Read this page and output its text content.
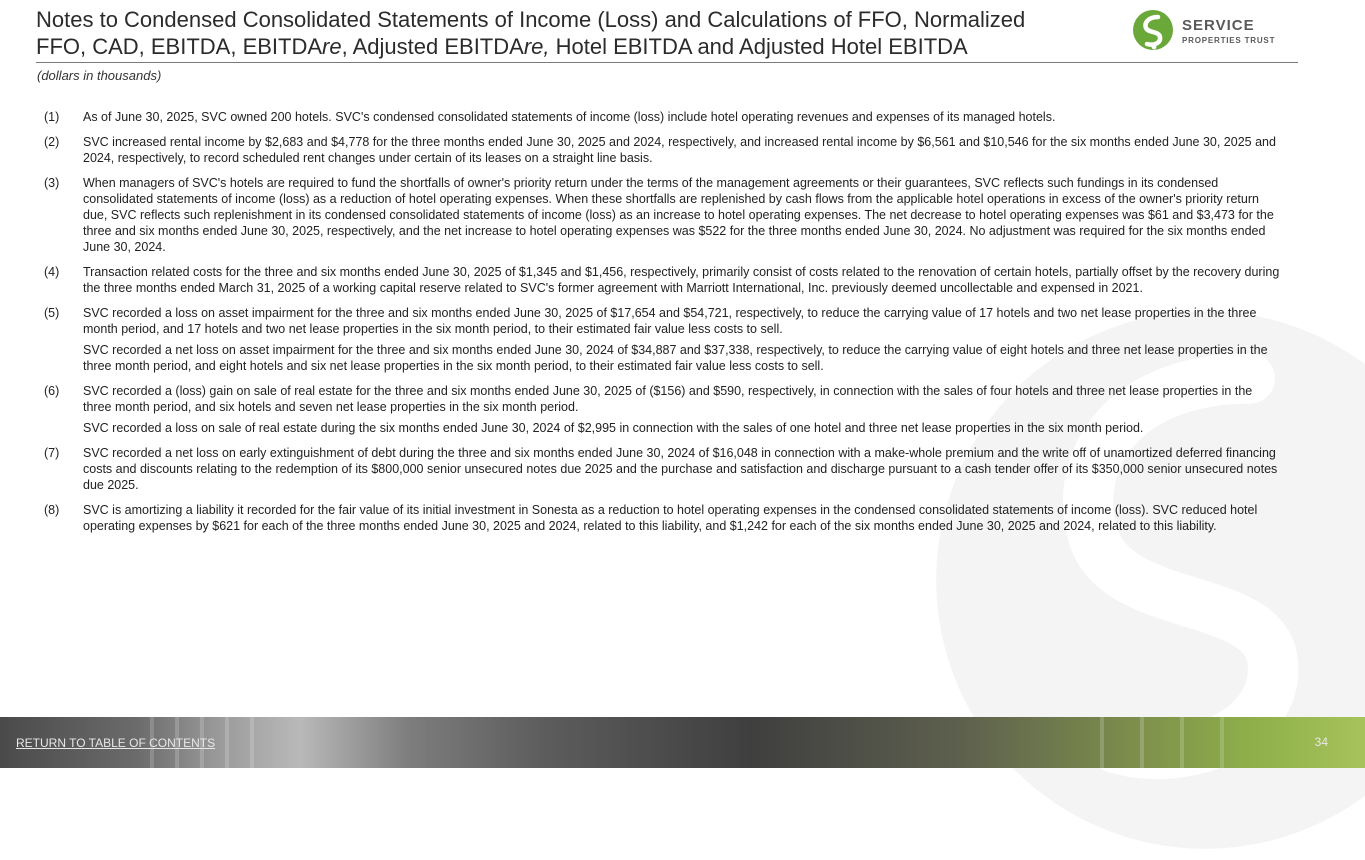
Notes to Condensed Consolidated Statements of Income (Loss) and Calculations of FFO, Normalized
FFO, CAD, EBITDA, EBITDAre, Adjusted EBITDAre, Hotel EBITDA and Adjusted Hotel EBITDA
SERVICE
PROPERTIES TRUST
(dollars in thousands)
(1)	As of June 30, 2025, SVC owned 200 hotels. SVC's condensed consolidated statements of income (loss) include hotel operating revenues and expenses of its managed hotels.

(2)	SVC increased rental income by $2,683 and $4,778 for the three months ended June 30, 2025 and 2024, respectively, and increased rental income by $6,561 and $10,546 for the six months ended June 30, 2025 and 2024, respectively, to record scheduled rent changes under certain of its leases on a straight line basis.

(3)	When managers of SVC's hotels are required to fund the shortfalls of owner's priority return under the terms of the management agreements or their guarantees, SVC reflects such fundings in its condensed consolidated statements of income (loss) as a reduction of hotel operating expenses. When these shortfalls are replenished by cash flows from the applicable hotel operations in excess of the owner's priority return due, SVC reflects such replenishment in its condensed consolidated statements of income (loss) as an increase to hotel operating expenses. The net decrease to hotel operating expenses was $61 and $3,473 for the three and six months ended June 30, 2025, respectively, and the net increase to hotel operating expenses was $522 for the three months ended June 30, 2024. No adjustment was required for the six months ended June 30, 2024.

(4)	Transaction related costs for the three and six months ended June 30, 2025 of $1,345 and $1,456, respectively, primarily consist of costs related to the renovation of certain hotels, partially offset by the recovery during the three months ended March 31, 2025 of a working capital reserve related to SVC's former agreement with Marriott International, Inc. previously deemed uncollectable and expensed in 2021.

(5)	SVC recorded a loss on asset impairment for the three and six months ended June 30, 2025 of $17,654 and $54,721, respectively, to reduce the carrying value of 17 hotels and two net lease properties in the three month period, and 17 hotels and two net lease properties in the six month period, to their estimated fair value less costs to sell.

SVC recorded a net loss on asset impairment for the three and six months ended June 30, 2024 of $34,887 and $37,338, respectively, to reduce the carrying value of eight hotels and three net lease properties in the three month period, and eight hotels and six net lease properties in the six month period, to their estimated fair value less costs to sell.

(6)	SVC recorded a (loss) gain on sale of real estate for the three and six months ended June 30, 2025 of ($156) and $590, respectively, in connection with the sales of four hotels and three net lease properties in the three month period, and six hotels and seven net lease properties in the six month period.

SVC recorded a loss on sale of real estate during the six months ended June 30, 2024 of $2,995 in connection with the sales of one hotel and three net lease properties in the six month period.

(7)	SVC recorded a net loss on early extinguishment of debt during the three and six months ended June 30, 2024 of $16,048 in connection with a make-whole premium and the write off of unamortized deferred financing costs and discounts relating to the redemption of its $800,000 senior unsecured notes due 2025 and the purchase and satisfaction and discharge pursuant to a cash tender offer of its $350,000 senior unsecured notes due 2025.

(8)	SVC is amortizing a liability it recorded for the fair value of its initial investment in Sonesta as a reduction to hotel operating expenses in the condensed consolidated statements of income (loss). SVC reduced hotel operating expenses by $621 for each of the three months ended June 30, 2025 and 2024, related to this liability, and $1,242 for each of the six months ended June 30, 2025 and 2024, related to this liability.

RETURN TO TABLE OF CONTENTS	34
